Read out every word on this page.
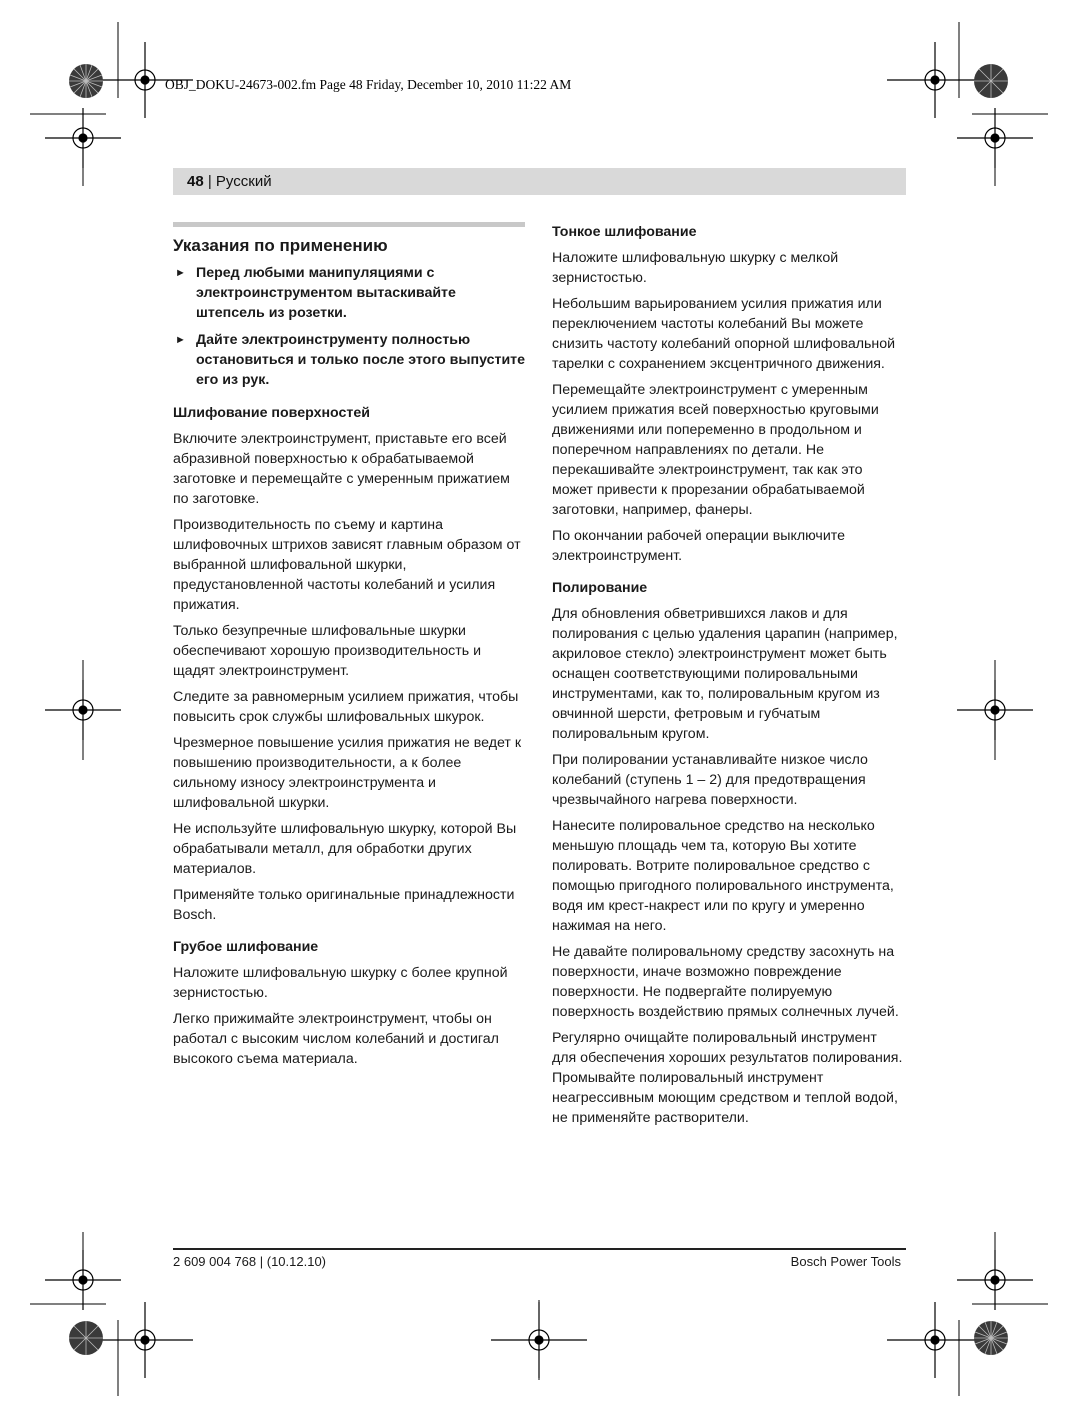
OBJ_DOKU-24673-002.fm Page 48 Friday, December 10, 2010 11:22 AM
48 | Русский
Указания по применению
► Перед любыми манипуляциями с электроинструментом вытаскивайте штепсель из розетки.
► Дайте электроинструменту полностью остановиться и только после этого выпустите его из рук.
Шлифование поверхностей

Включите электроинструмент, приставьте его всей абразивной поверхностью к обрабатываемой заготовке и перемещайте с умеренным прижатием по заготовке.

Производительность по съему и картина шлифовочных штрихов зависят главным образом от выбранной шлифовальной шкурки, предустановленной частоты колебаний и усилия прижатия.

Только безупречные шлифовальные шкурки обеспечивают хорошую производительность и щадят электроинструмент.

Следите за равномерным усилием прижатия, чтобы повысить срок службы шлифовальных шкурок.

Чрезмерное повышение усилия прижатия не ведет к повышению производительности, а к более сильному износу электроинструмента и шлифовальной шкурки.

Не используйте шлифовальную шкурку, которой Вы обрабатывали металл, для обработки других материалов.

Применяйте только оригинальные принадлежности Bosch.

Грубое шлифование

Наложите шлифовальную шкурку с более крупной зернистостью.

Легко прижимайте электроинструмент, чтобы он работал с высоким числом колебаний и достигал высокого съема материала.

Тонкое шлифование

Наложите шлифовальную шкурку с мелкой зернистостью.

Небольшим варьированием усилия прижатия или переключением частоты колебаний Вы можете снизить частоту колебаний опорной шлифовальной тарелки с сохранением эксцентричного движения.

Перемещайте электроинструмент с умеренным усилием прижатия всей поверхностью круговыми движениями или попеременно в продольном и поперечном направлениях по детали. Не перекашивайте электроинструмент, так как это может привести к прорезании обрабатываемой заготовки, например, фанеры.

По окончании рабочей операции выключите электроинструмент.

Полирование

Для обновления обветрившихся лаков и для полирования с целью удаления царапин (например, акриловое стекло) электроинструмент может быть оснащен соответствующими полировальными инструментами, как то, полировальным кругом из овчинной шерсти, фетровым и губчатым полировальным кругом.

При полировании устанавливайте низкое число колебаний (ступень 1 – 2) для предотвращения чрезвычайного нагрева поверхности.

Нанесите полировальное средство на несколько меньшую площадь чем та, которую Вы хотите полировать. Вотрите полировальное средство с помощью пригодного полировального инструмента, водя им крест-накрест или по кругу и умеренно нажимая на него.

Не давайте полировальному средству засохнуть на поверхности, иначе возможно повреждение поверхности. Не подвергайте полируемую поверхность воздействию прямых солнечных лучей.

Регулярно очищайте полировальный инструмент для обеспечения хороших результатов полирования. Промывайте полировальный инструмент неагрессивным моющим средством и теплой водой, не применяйте растворители.

2 609 004 768 | (10.12.10)	Bosch Power Tools
